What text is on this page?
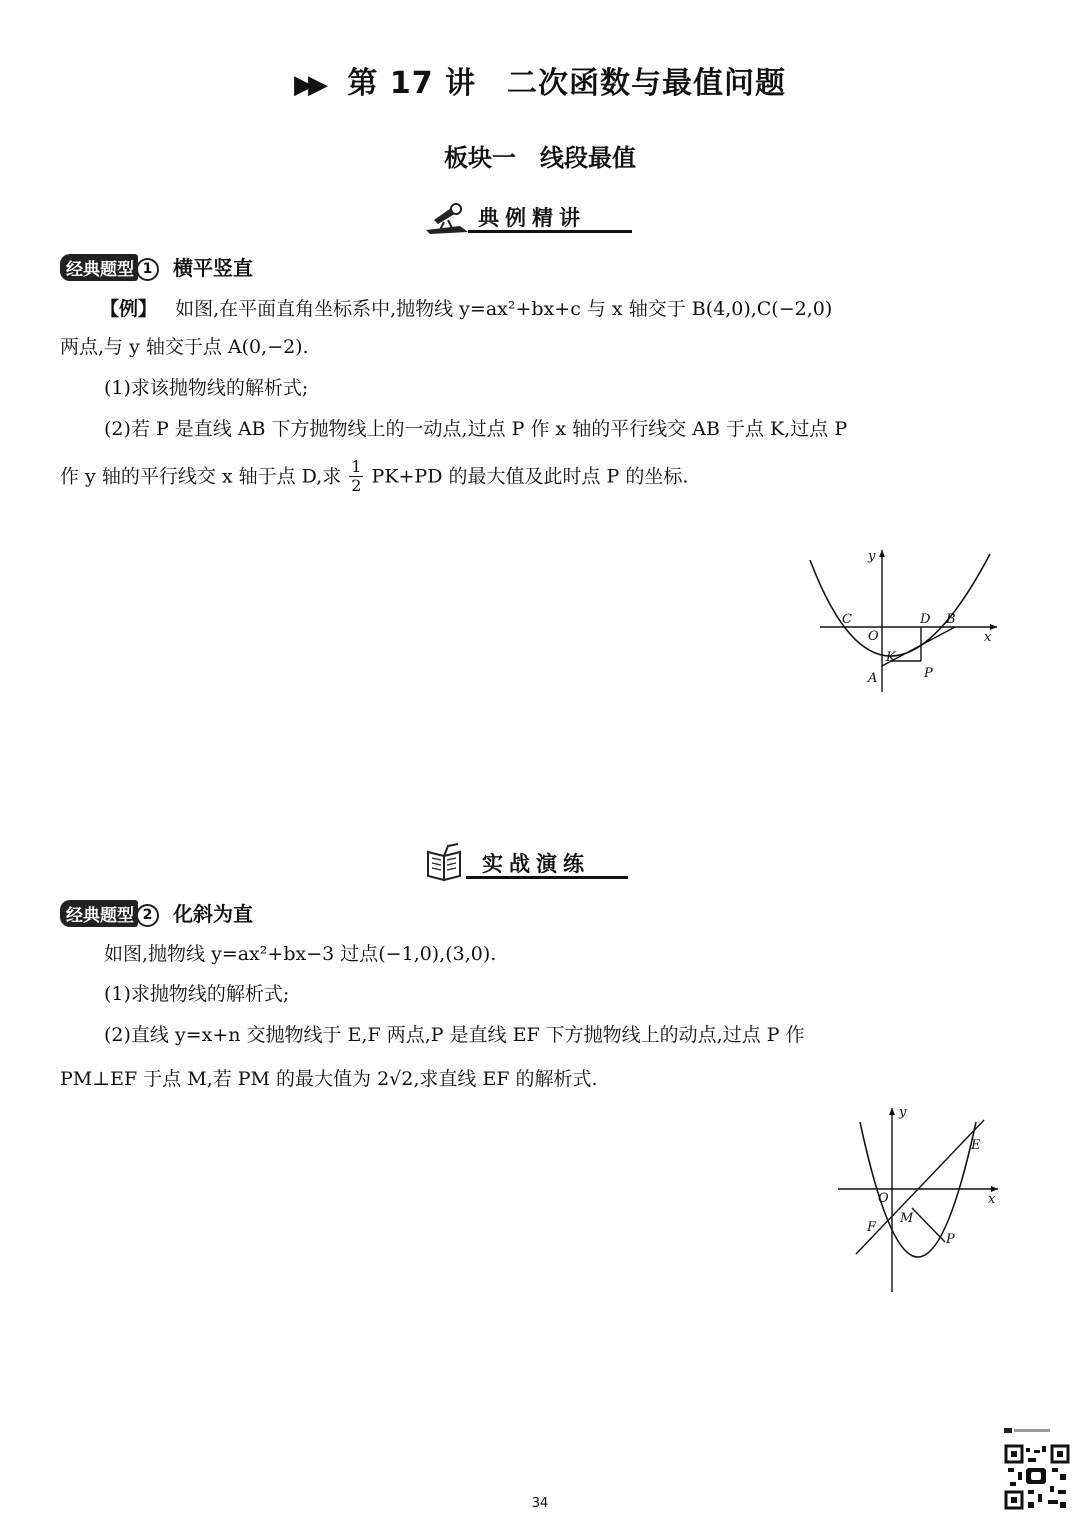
▶▶ 第 17 讲　二次函数与最值问题
板块一　线段最值
典例精讲
经典题型 1 横平竖直
【例】 如图,在平面直角坐标系中,抛物线 y=ax²+bx+c 与 x 轴交于 B(4,0),C(−2,0)
两点,与 y 轴交于点 A(0,−2).
(1)求该抛物线的解析式;
(2)若 P 是直线 AB 下方抛物线上的一动点,过点 P 作 x 轴的平行线交 AB 于点 K,过点 P
作 y 轴的平行线交 x 轴于点 D,求 $\frac{1}{2} PK+PD$ 的最大值及此时点 P 的坐标.
y
x
C
O
D B
K
A	P
实战演练
经典题型 2 化斜为直
如图,抛物线 y=ax²+bx−3 过点(−1,0),(3,0).
(1)求抛物线的解析式;
(2)直线 y=x+n 交抛物线于 E,F 两点,P 是直线 EF 下方抛物线上的动点,过点 P 作
PM⊥EF 于点 M,若 PM 的最大值为 2√2,求直线 EF 的解析式.
y
x
O
E
F
M
P
34
